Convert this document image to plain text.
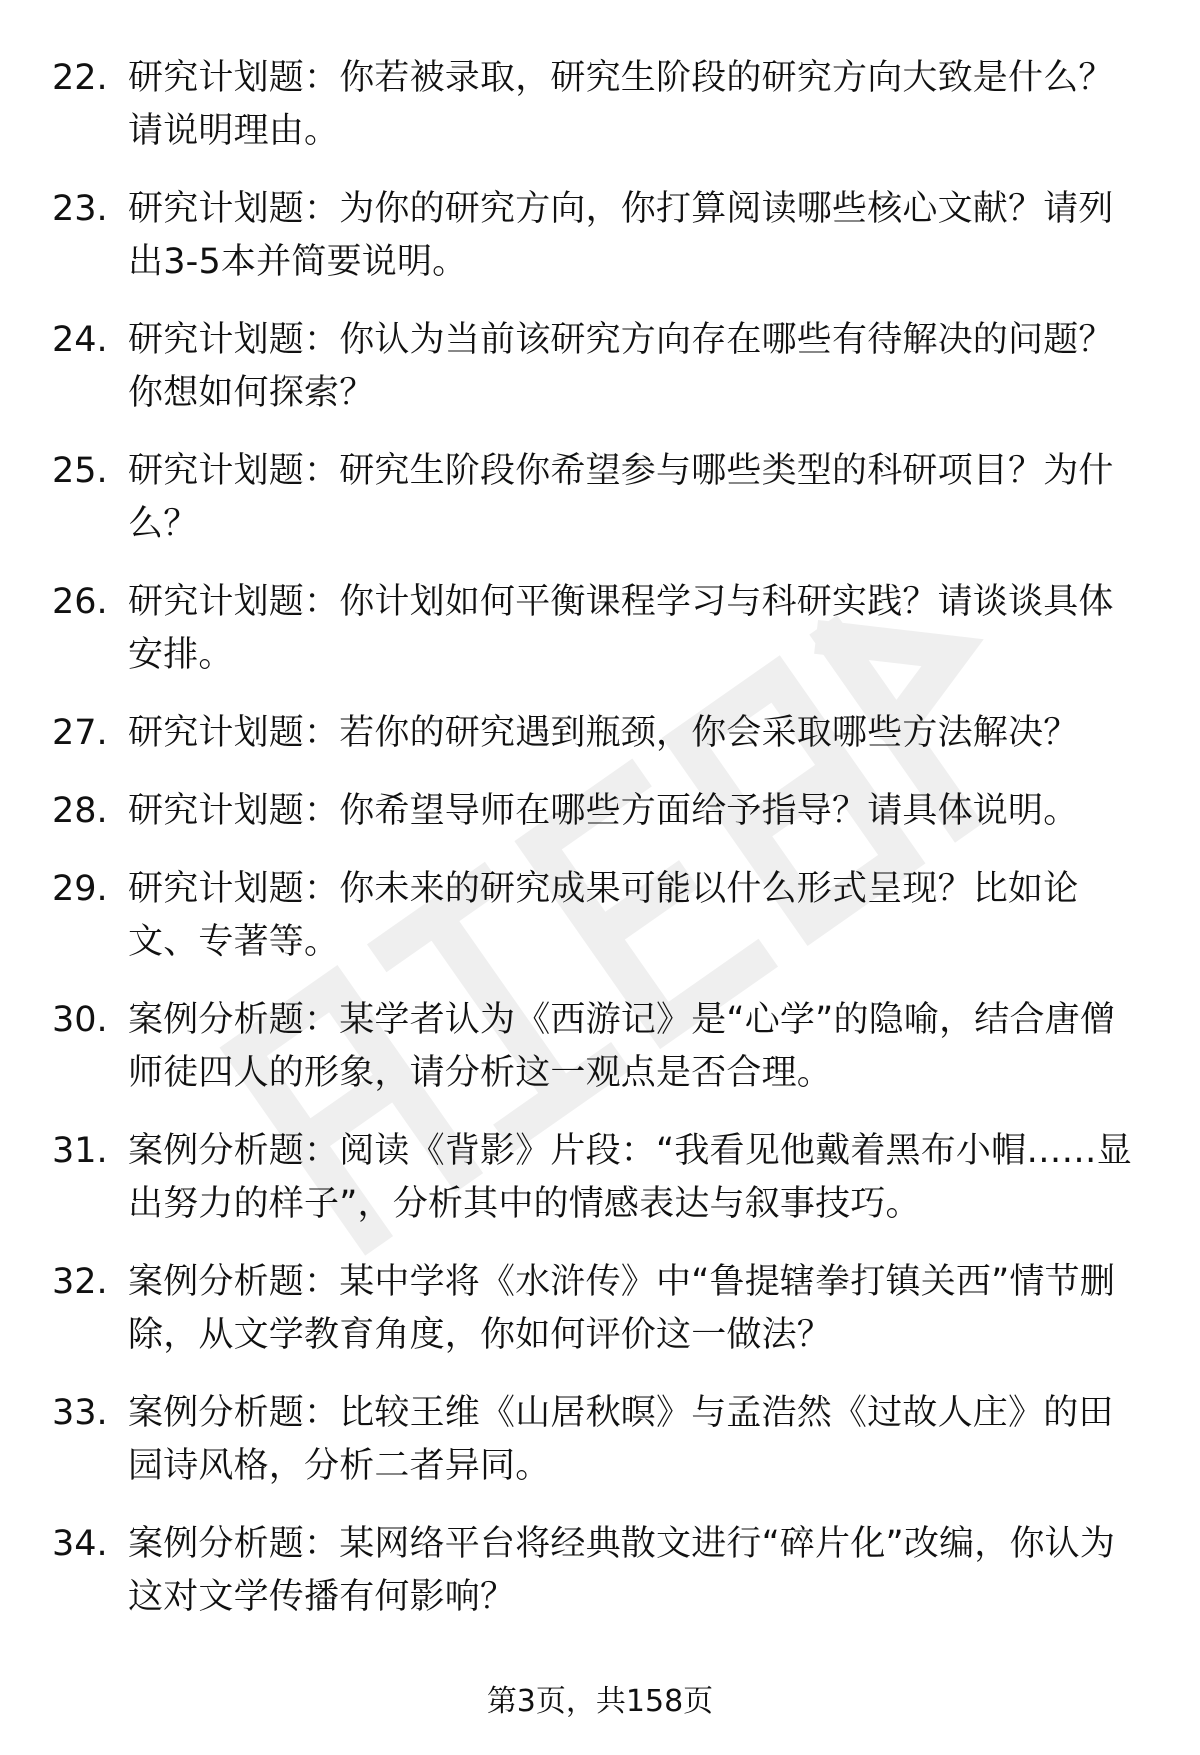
22. 研究计划题：你若被录取，研究生阶段的研究方向大致是什么？请说明理由。
23. 研究计划题：为你的研究方向，你打算阅读哪些核心文献？请列出3-5本并简要说明。
24. 研究计划题：你认为当前该研究方向存在哪些有待解决的问题？你想如何探索？
25. 研究计划题：研究生阶段你希望参与哪些类型的科研项目？为什么？
26. 研究计划题：你计划如何平衡课程学习与科研实践？请谈谈具体安排。
27. 研究计划题：若你的研究遇到瓶颈，你会采取哪些方法解决？
28. 研究计划题：你希望导师在哪些方面给予指导？请具体说明。
29. 研究计划题：你未来的研究成果可能以什么形式呈现？比如论文、专著等。
30. 案例分析题：某学者认为《西游记》是“心学”的隐喻，结合唐僧师徒四人的形象，请分析这一观点是否合理。
31. 案例分析题：阅读《背影》片段：“我看见他戴着黑布小帽……显出努力的样子”，分析其中的情感表达与叙事技巧。
32. 案例分析题：某中学将《水浒传》中“鲁提辖拳打镇关西”情节删除，从文学教育角度，你如何评价这一做法？
33. 案例分析题：比较王维《山居秋暝》与孟浩然《过故人庄》的田园诗风格，分析二者异同。
34. 案例分析题：某网络平台将经典散文进行“碎片化”改编，你认为这对文学传播有何影响？
第3页，共158页
